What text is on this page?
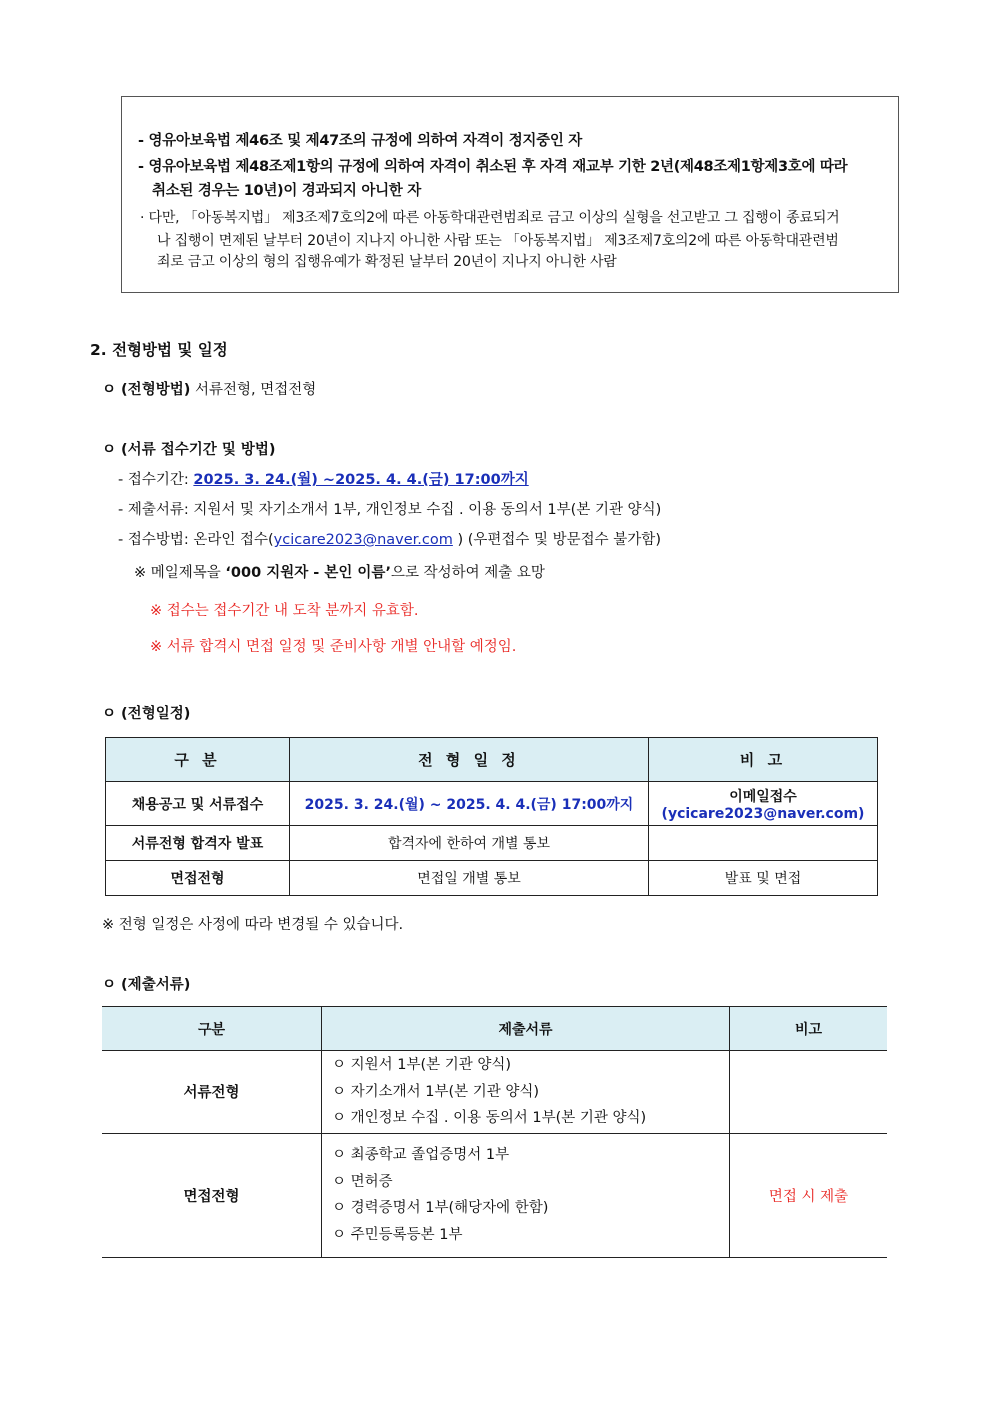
- 영유아보육법 제46조 및 제47조의 규정에 의하여 자격이 정지중인 자
- 영유아보육법 제48조제1항의 규정에 의하여 자격이 취소된 후 자격 재교부 기한 2년(제48조제1항제3호에 따라
취소된 경우는 10년)이 경과되지 아니한 자
· 다만, 「아동복지법」 제3조제7호의2에 따른 아동학대관련범죄로 금고 이상의 실형을 선고받고 그 집행이 종료되거
나 집행이 면제된 날부터 20년이 지나지 아니한 사람 또는 「아동복지법」 제3조제7호의2에 따른 아동학대관련범
죄로 금고 이상의 형의 집행유예가 확정된 날부터 20년이 지나지 아니한 사람
2. 전형방법 및 일정
ㅇ (전형방법) 서류전형, 면접전형
ㅇ (서류 접수기간 및 방법)
- 접수기간: 2025. 3. 24.(월) ~2025. 4. 4.(금) 17:00까지
- 제출서류: 지원서 및 자기소개서 1부, 개인정보 수집 . 이용 동의서 1부(본 기관 양식)
- 접수방법: 온라인 접수(ycicare2023@naver.com ) (우편접수 및 방문접수 불가함)
※ 메일제목을 ‘000 지원자 - 본인 이름’으로 작성하여 제출 요망
※ 접수는 접수기간 내 도착 분까지 유효함.
※ 서류 합격시 면접 일정 및 준비사항 개별 안내할 예정임.
ㅇ (전형일정)
구 분	전 형 일 정	비 고
채용공고 및 서류접수	2025. 3. 24.(월) ~ 2025. 4. 4.(금) 17:00까지	이메일접수
(ycicare2023@naver.com)

서류전형 합격자 발표	합격자에 한하여 개별 통보	
면접전형	면접일 개별 통보	발표 및 면접
※ 전형 일정은 사정에 따라 변경될 수 있습니다.
ㅇ (제출서류)
구분	제출서류	비고
서류전형	ㅇ 지원서 1부(본 기관 양식)
ㅇ 자기소개서 1부(본 기관 양식)
ㅇ 개인정보 수집 . 이용 동의서 1부(본 기관 양식)	

면접전형	ㅇ 최종학교 졸업증명서 1부
ㅇ 면허증
ㅇ 경력증명서 1부(해당자에 한함)
ㅇ 주민등록등본 1부	면접 시 제출
